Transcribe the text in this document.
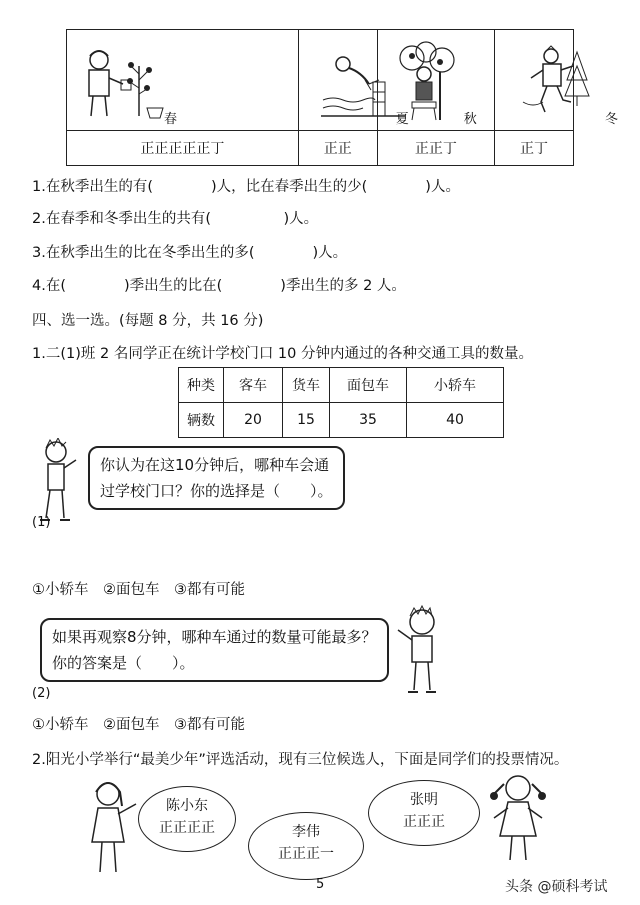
春	夏	秋	冬

正正正正正丁	正正	正正丁	正丁
1.在秋季出生的有(　　　　)人，比在春季出生的少(　　　　)人。
2.在春季和冬季出生的共有(　　　　　)人。
3.在秋季出生的比在冬季出生的多(　　　　)人。
4.在(　　　　)季出生的比在(　　　　)季出生的多 2 人。
四、选一选。(每题 8 分，共 16 分)
1.二(1)班 2 名同学正在统计学校门口 10 分钟内通过的各种交通工具的数量。
种类	客车	货车	面包车	小轿车
辆数	20	15	35	40
你认为在这10分钟后，哪种车会通
过学校门口？你的选择是（　　）。
(1)
①小轿车　②面包车　③都有可能
如果再观察8分钟，哪种车通过的数量可能最多？
你的答案是（　　）。
(2)
①小轿车　②面包车　③都有可能
2.阳光小学举行“最美少年”评选活动，现有三位候选人，下面是同学们的投票情况。
陈小东
正正正正	李伟
正正正一
张明
正正正
5	头条 @硕科考试
